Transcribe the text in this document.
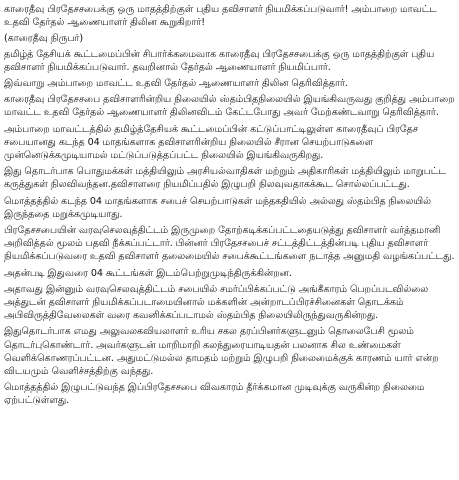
காரைதீவு பிரதேசசபைக்கு ஒரு மாதத்திற்குள் புதிய தவிசாளர் நியமிக்கப்படுவார்! அம்பாறை மாவட்ட உதவி தேர்தல் ஆணையாளர் திலின கூறுகிறார்!

(காரைதீவு நிருபர்)

தமிழ்த் தேசியக் கூட்டமைப்பின் சிபார்க்கமைவாக காரைதீவு பிரதேசசபைக்கு ஒரு மாதத்திற்குள் புதிய தவிசாளர் நியமிக்கப்படுவார். தவறினால் தேர்தல் ஆணையாளர் நியமிப்பார்.

இவ்வாறு அம்பாறை மாவட்ட உதவி தேர்தல் ஆணையாளர் திலின தெரிவித்தார்.

காரைதீவு பிரதேசசபை தவிசாளரின்றிய நிலையில் ஸ்தம்பிதநிலையில் இயங்கிவருவது குறித்து அம்பாறை மாவட்ட உதவி தேர்தல் ஆணையாளர் திலினவிடம் கேட்டபோது அவர் மேற்கண்டவாறு தெரிவித்தார்.

அம்பாறை மாவட்டத்தில் தமிழ்த்தேசியக் கூட்டமைப்பின் கட்டுப்பாட்டிலுள்ள காரைதீவுப் பிரதேச சபையானது கடந்த 04 மாதங்களாக தவிசாளரின்றிய நிலையில் சீரான செயற்பாடுகளை முன்னெடுக்கமுடியாமல் மட்டுப்படுத்தப்பட்ட நிலையில் இயங்கிவருகிறது.

இது தொடர்பாக பொதுமக்கள் மத்தியிலும் அரசியல்வாதிகள் மற்றும் அதிகாரிகள் மத்தியிலும் மாறுபட்ட கருத்துகள் நிலவிவந்தன.தவிசாளரை நியமிப்பதில் இழுபறி நிலவுவதாகக்கூட சொல்லப்பட்டது.

மொத்தத்தில் கடந்த 04 மாதங்களாக சபைச் செயற்பாடுகள் மந்தகதியில் அல்லது ஸ்தம்பித நிலையில் இருந்ததை மறுக்கமுடியாது.

பிரதேசசபையின் வரவுசெலவுத்திட்டம் இருமுறை தோற்கடிக்கப்பட்டதையடுத்து தவிசாளர் வர்த்தமானி அறிவித்தல் மூலம் பதவி நீக்கப்பட்டார். பின்னர் பிரதேசசபைச் சட்டத்திட்டத்தின்படி புதிய தவிசாளர் நியமிக்கப்படுவரை உதவி தவிசாளர் தலைமையில் சபைக்கூட்டங்களை நடாத்த அனுமதி வழங்கப்பட்டது.

அதன்படி இதுவரை 04 கூட்டங்கள் இடம்பெற்றுமுடிந்திருக்கின்றன.

அதாவது இன்னும் வரவுசெலவுத்திட்டம் சபையில் சமர்ப்பிக்கப்பட்டு அங்கீகாரம் பெறப்படவில்லை அத்துடன் தவிசாளர் நியமிக்கப்படாமையினால் மக்களின் அன்றாடப்பிரச்சினைகள் தொடக்கம் அபிவிருத்திவேலைகள் வரை கவனிக்கப்படாமல் ஸ்தம்பித நிலையிலிருந்துவருகின்றது.

இதுதொடர்பாக எமது அலுவலகவியலாளர் உரிய சகல தரப்பினர்களுடனும் தொலைபேசி மூலம் தொடர்புகொண்டார். அவர்களுடன் மாறிமாறி கலந்துரையாடியதன் பலனாக சில உண்மைகள் வெளிக்கொணரப்பட்டன. அதுமட்டுமல்ல தாமதம் மற்றும் இழுபறி நிலைமைக்குக் காரணம் யார் என்ற விடயமும் வெளிச்சத்திற்கு வந்தது.

மொத்தத்தில் இழுபட்டுவந்த இப்பிரதேசசபை விவகாரம் தீர்க்கமான முடிவுக்கு வருகின்ற நிலைமை ஏற்பட்டுள்ளது.
